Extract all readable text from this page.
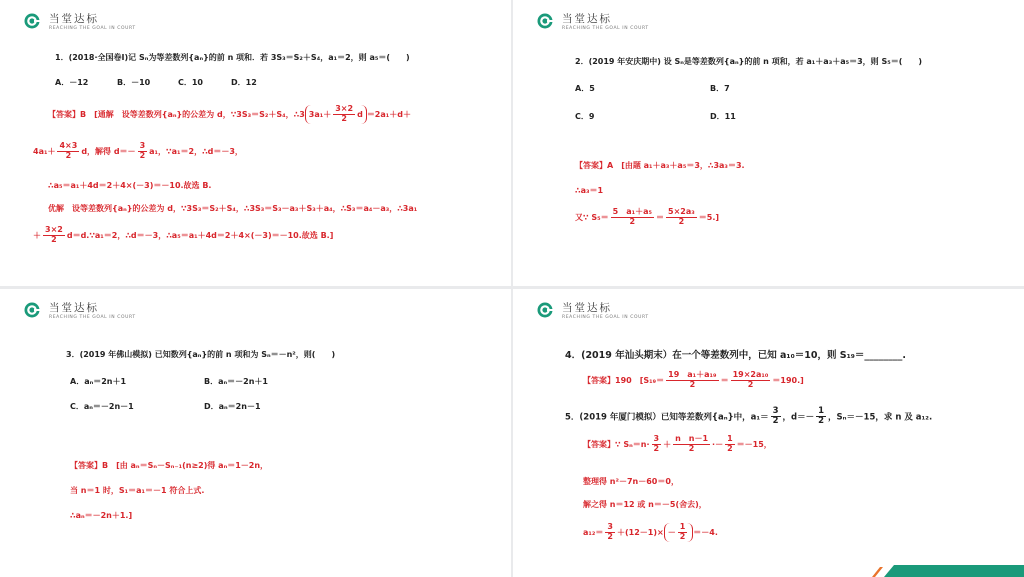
当堂达标
REACHING THE GOAL IN COURT
1．(2018·全国卷Ⅰ)记 Sₙ为等差数列{aₙ}的前 n 项和．若 3S₃＝S₂＋S₄，a₁＝2，则 a₅＝(　　)
A．－12	B．－10	C．10	D．12
【答案】B　[通解　设等差数列{aₙ}的公差为 d，∵3S₃＝S₂＋S₄，∴3 $3a_1+ \frac{3\times 2}{2}$ d ＝2a₁＋d＋
$4a_1+ \frac{4\times 3}{2}$ d，解得 $d=- \frac{3}{2} a_1$，∵a₁＝2，∴d＝－3，
∴a₅＝a₁＋4d＝2＋4×(－3)＝－10.故选 B.
优解　设等差数列{aₙ}的公差为 d，∵3S₃＝S₂＋S₄，∴3S₃＝S₃－a₃＋S₃＋a₄，∴S₃＝a₄－a₃，∴3a₁
＋ $\frac{3\times 2}{2}$ d＝d.∵a₁＝2，∴d＝－3，∴a₅＝a₁＋4d＝2＋4×(－3)＝－10.故选 B.]
当堂达标
REACHING THE GOAL IN COURT
2．(2019 年安庆期中) 设 Sₙ是等差数列{aₙ}的前 n 项和，若 a₁＋a₃＋a₅＝3，则 S₅＝(　　)
A．5	B．7
C．9	D．11
【答案】A　[由题 a₁＋a₃＋a₅＝3，∴3a₃＝3.
∴a₃＝1
又∵ $S_5= \frac{\text{5　a₁＋a₅}}{2} = \frac{\text{5×2a₃}}{2} =5$.]
当堂达标
REACHING THE GOAL IN COURT
3．(2019 年佛山模拟) 已知数列{aₙ}的前 n 项和为 Sₙ＝－n²，则(　　)
A．aₙ＝2n＋1	B．aₙ＝－2n＋1
C．aₙ＝－2n－1	D．aₙ＝2n－1
【答案】B　[由 aₙ＝Sₙ－Sₙ₋₁(n≥2)得 aₙ＝1－2n，
当 n＝1 时，S₁＝a₁＝－1 符合上式.
∴aₙ＝－2n＋1.]
当堂达标
REACHING THE GOAL IN COURT
4．(2019 年汕头期末）在一个等差数列中，已知 a₁₀＝10，则 S₁₉＝________.
【答案】190　$[S_{19}= \frac{\text{19　a₁＋a₁₉}}{2} = \frac{\text{19×2a₁₀}}{2} =190.]$
5．(2019 年厦门模拟）已知等差数列{aₙ}中，$a_1= \frac{3}{2}$ ，$d=- \frac{1}{2}$ ，Sₙ＝－15，求 n 及 a₁₂.
【答案】∵ $S_n=n\cdot \frac{3}{2} + \frac{\text{n　n－1}}{2} \cdot- \frac{1}{2} =-15$，
整理得 n²－7n－60＝0，
解之得 n＝12 或 n＝－5(舍去)，
$a_{12}= \frac{3}{2} +(12-1)\times - \frac{1}{2} =-4$.
